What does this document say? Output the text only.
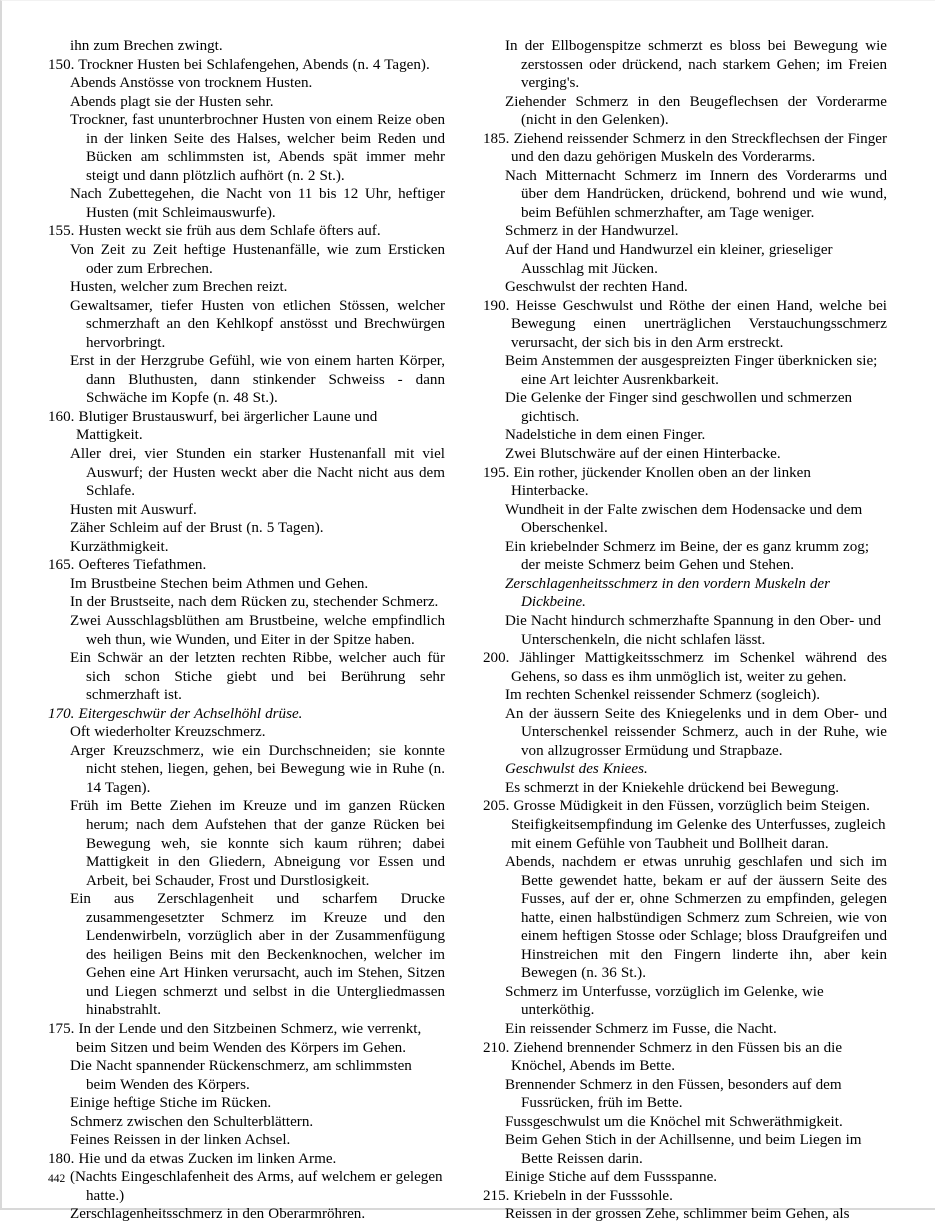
ihn zum Brechen zwingt.

150. Trockner Husten bei Schlafengehen, Abends (n. 4 Tagen).

Abends Anstösse von trocknem Husten.

Abends plagt sie der Husten sehr.

Trockner, fast ununterbrochner Husten von einem Reize oben in der linken Seite des Halses, welcher beim Reden und Bücken am schlimmsten ist, Abends spät immer mehr steigt und dann plötzlich aufhört (n. 2 St.).

Nach Zubettegehen, die Nacht von 11 bis 12 Uhr, heftiger Husten (mit Schleimauswurfe).

155. Husten weckt sie früh aus dem Schlafe öfters auf.

Von Zeit zu Zeit heftige Hustenanfälle, wie zum Ersticken oder zum Erbrechen.

Husten, welcher zum Brechen reizt.

Gewaltsamer, tiefer Husten von etlichen Stössen, welcher schmerzhaft an den Kehlkopf anstösst und Brechwürgen hervorbringt.

Erst in der Herzgrube Gefühl, wie von einem harten Körper, dann Bluthusten, dann stinkender Schweiss - dann Schwäche im Kopfe (n. 48 St.).

160. Blutiger Brustauswurf, bei ärgerlicher Laune und Mattigkeit.

Aller drei, vier Stunden ein starker Hustenanfall mit viel Auswurf; der Husten weckt aber die Nacht nicht aus dem Schlafe.

Husten mit Auswurf.

Zäher Schleim auf der Brust (n. 5 Tagen).

Kurzäthmigkeit.

165. Oefteres Tiefathmen.

Im Brustbeine Stechen beim Athmen und Gehen.

In der Brustseite, nach dem Rücken zu, stechender Schmerz.

Zwei Ausschlagsblüthen am Brustbeine, welche empfindlich weh thun, wie Wunden, und Eiter in der Spitze haben.

Ein Schwär an der letzten rechten Ribbe, welcher auch für sich schon Stiche giebt und bei Berührung sehr schmerzhaft ist.

170. Eitergeschwür der Achselhöhl drüse.

Oft wiederholter Kreuzschmerz.

Arger Kreuzschmerz, wie ein Durchschneiden; sie konnte nicht stehen, liegen, gehen, bei Bewegung wie in Ruhe (n. 14 Tagen).

Früh im Bette Ziehen im Kreuze und im ganzen Rücken herum; nach dem Aufstehen that der ganze Rücken bei Bewegung weh, sie konnte sich kaum rühren; dabei Mattigkeit in den Gliedern, Abneigung vor Essen und Arbeit, bei Schauder, Frost und Durstlosigkeit.

Ein aus Zerschlagenheit und scharfem Drucke zusammengesetzter Schmerz im Kreuze und den Lendenwirbeln, vorzüglich aber in der Zusammenfügung des heiligen Beins mit den Beckenknochen, welcher im Gehen eine Art Hinken verursacht, auch im Stehen, Sitzen und Liegen schmerzt und selbst in die Untergliedmassen hinabstrahlt.

175. In der Lende und den Sitzbeinen Schmerz, wie verrenkt, beim Sitzen und beim Wenden des Körpers im Gehen.

Die Nacht spannender Rückenschmerz, am schlimmsten beim Wenden des Körpers.

Einige heftige Stiche im Rücken.

Schmerz zwischen den Schulterblättern.

Feines Reissen in der linken Achsel.

180. Hie und da etwas Zucken im linken Arme.

(Nachts Eingeschlafenheit des Arms, auf welchem er gelegen hatte.)

Zerschlagenheitsschmerz in den Oberarmröhren.

In der Ellbogenspitze schmerzt es bloss bei Bewegung wie zerstossen oder drückend, nach starkem Gehen; im Freien verging's.

Ziehender Schmerz in den Beugeflechsen der Vorderarme (nicht in den Gelenken).

185. Ziehend reissender Schmerz in den Streckflechsen der Finger und den dazu gehörigen Muskeln des Vorderarms.

Nach Mitternacht Schmerz im Innern des Vorderarms und über dem Handrücken, drückend, bohrend und wie wund, beim Befühlen schmerzhafter, am Tage weniger.

Schmerz in der Handwurzel.

Auf der Hand und Handwurzel ein kleiner, grieseliger Ausschlag mit Jücken.

Geschwulst der rechten Hand.

190. Heisse Geschwulst und Röthe der einen Hand, welche bei Bewegung einen unerträglichen Verstauchungsschmerz verursacht, der sich bis in den Arm erstreckt.

Beim Anstemmen der ausgespreizten Finger überknicken sie; eine Art leichter Ausrenkbarkeit.

Die Gelenke der Finger sind geschwollen und schmerzen gichtisch.

Nadelstiche in dem einen Finger.

Zwei Blutschwäre auf der einen Hinterbacke.

195. Ein rother, jückender Knollen oben an der linken Hinterbacke.

Wundheit in der Falte zwischen dem Hodensacke und dem Oberschenkel.

Ein kriebelnder Schmerz im Beine, der es ganz krumm zog; der meiste Schmerz beim Gehen und Stehen.

Zerschlagenheitsschmerz in den vordern Muskeln der Dickbeine.

Die Nacht hindurch schmerzhafte Spannung in den Ober- und Unterschenkeln, die nicht schlafen lässt.

200. Jählinger Mattigkeitsschmerz im Schenkel während des Gehens, so dass es ihm unmöglich ist, weiter zu gehen.

Im rechten Schenkel reissender Schmerz (sogleich).

An der äussern Seite des Kniegelenks und in dem Ober- und Unterschenkel reissender Schmerz, auch in der Ruhe, wie von allzugrosser Ermüdung und Strapbaze.

Geschwulst des Kniees.

Es schmerzt in der Kniekehle drückend bei Bewegung.

205. Grosse Müdigkeit in den Füssen, vorzüglich beim Steigen. Steifigkeitsempfindung im Gelenke des Unterfusses, zugleich mit einem Gefühle von Taubheit und Bollheit daran.

Abends, nachdem er etwas unruhig geschlafen und sich im Bette gewendet hatte, bekam er auf der äussern Seite des Fusses, auf der er, ohne Schmerzen zu empfinden, gelegen hatte, einen halbstündigen Schmerz zum Schreien, wie von einem heftigen Stosse oder Schlage; bloss Draufgreifen und Hinstreichen mit den Fingern linderte ihn, aber kein Bewegen (n. 36 St.).

Schmerz im Unterfusse, vorzüglich im Gelenke, wie unterköthig.

Ein reissender Schmerz im Fusse, die Nacht.

210. Ziehend brennender Schmerz in den Füssen bis an die Knöchel, Abends im Bette.

Brennender Schmerz in den Füssen, besonders auf dem Fussrücken, früh im Bette.

Fussgeschwulst um die Knöchel mit Schweräthmigkeit.

Beim Gehen Stich in der Achillsenne, und beim Liegen im Bette Reissen darin.

Einige Stiche auf dem Fussspanne.

215. Kriebeln in der Fusssohle.

Reissen in der grossen Zehe, schlimmer beim Gehen, als

442
